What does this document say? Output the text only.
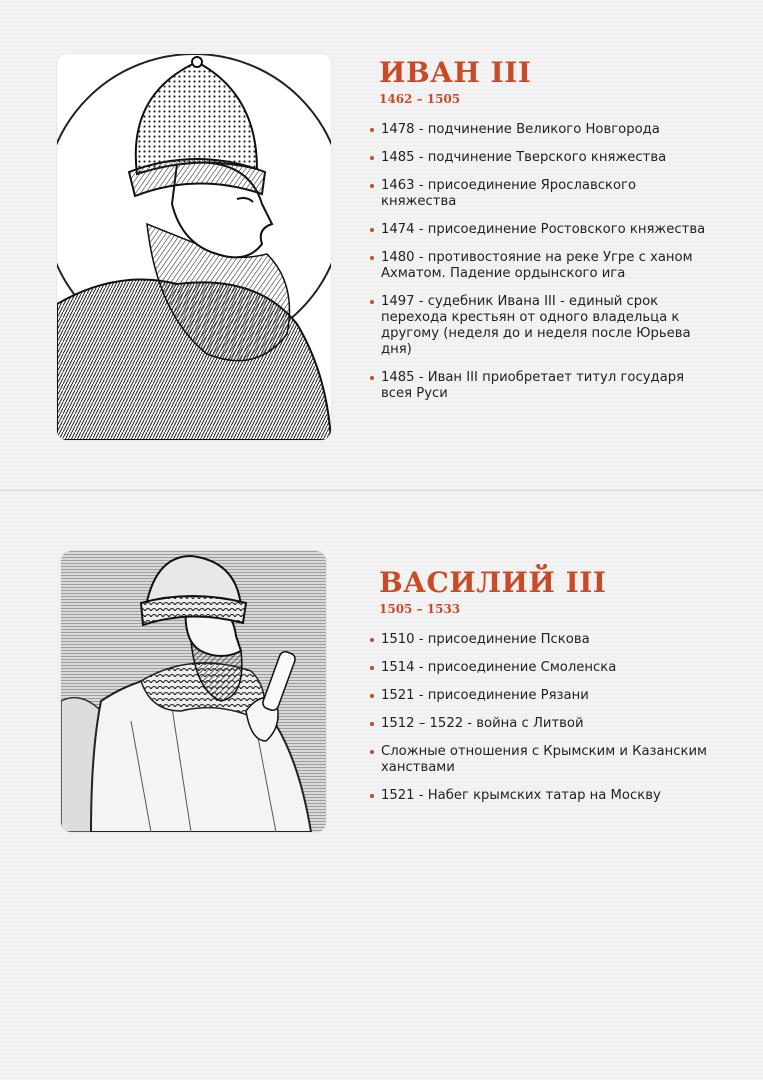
ИВАН III
1462 – 1505
1478 - подчинение Великого Новгорода
1485 - подчинение Тверского княжества
1463 - присоединение Ярославского княжества
1474 - присоединение Ростовского княжества
1480 - противостояние на реке Угре с ханом Ахматом. Падение ордынского ига
1497 - судебник Ивана III - единый срок перехода крестьян от одного владельца к другому (неделя до и неделя после Юрьева дня)
1485 - Иван III приобретает титул государя всея Руси
ВАСИЛИЙ III
1505 – 1533
1510 - присоединение Пскова
1514 - присоединение Смоленска
1521 - присоединение Рязани
1512 – 1522 - война с Литвой
Сложные отношения с Крымским и Казанским ханствами
1521 - Набег крымских татар на Москву
